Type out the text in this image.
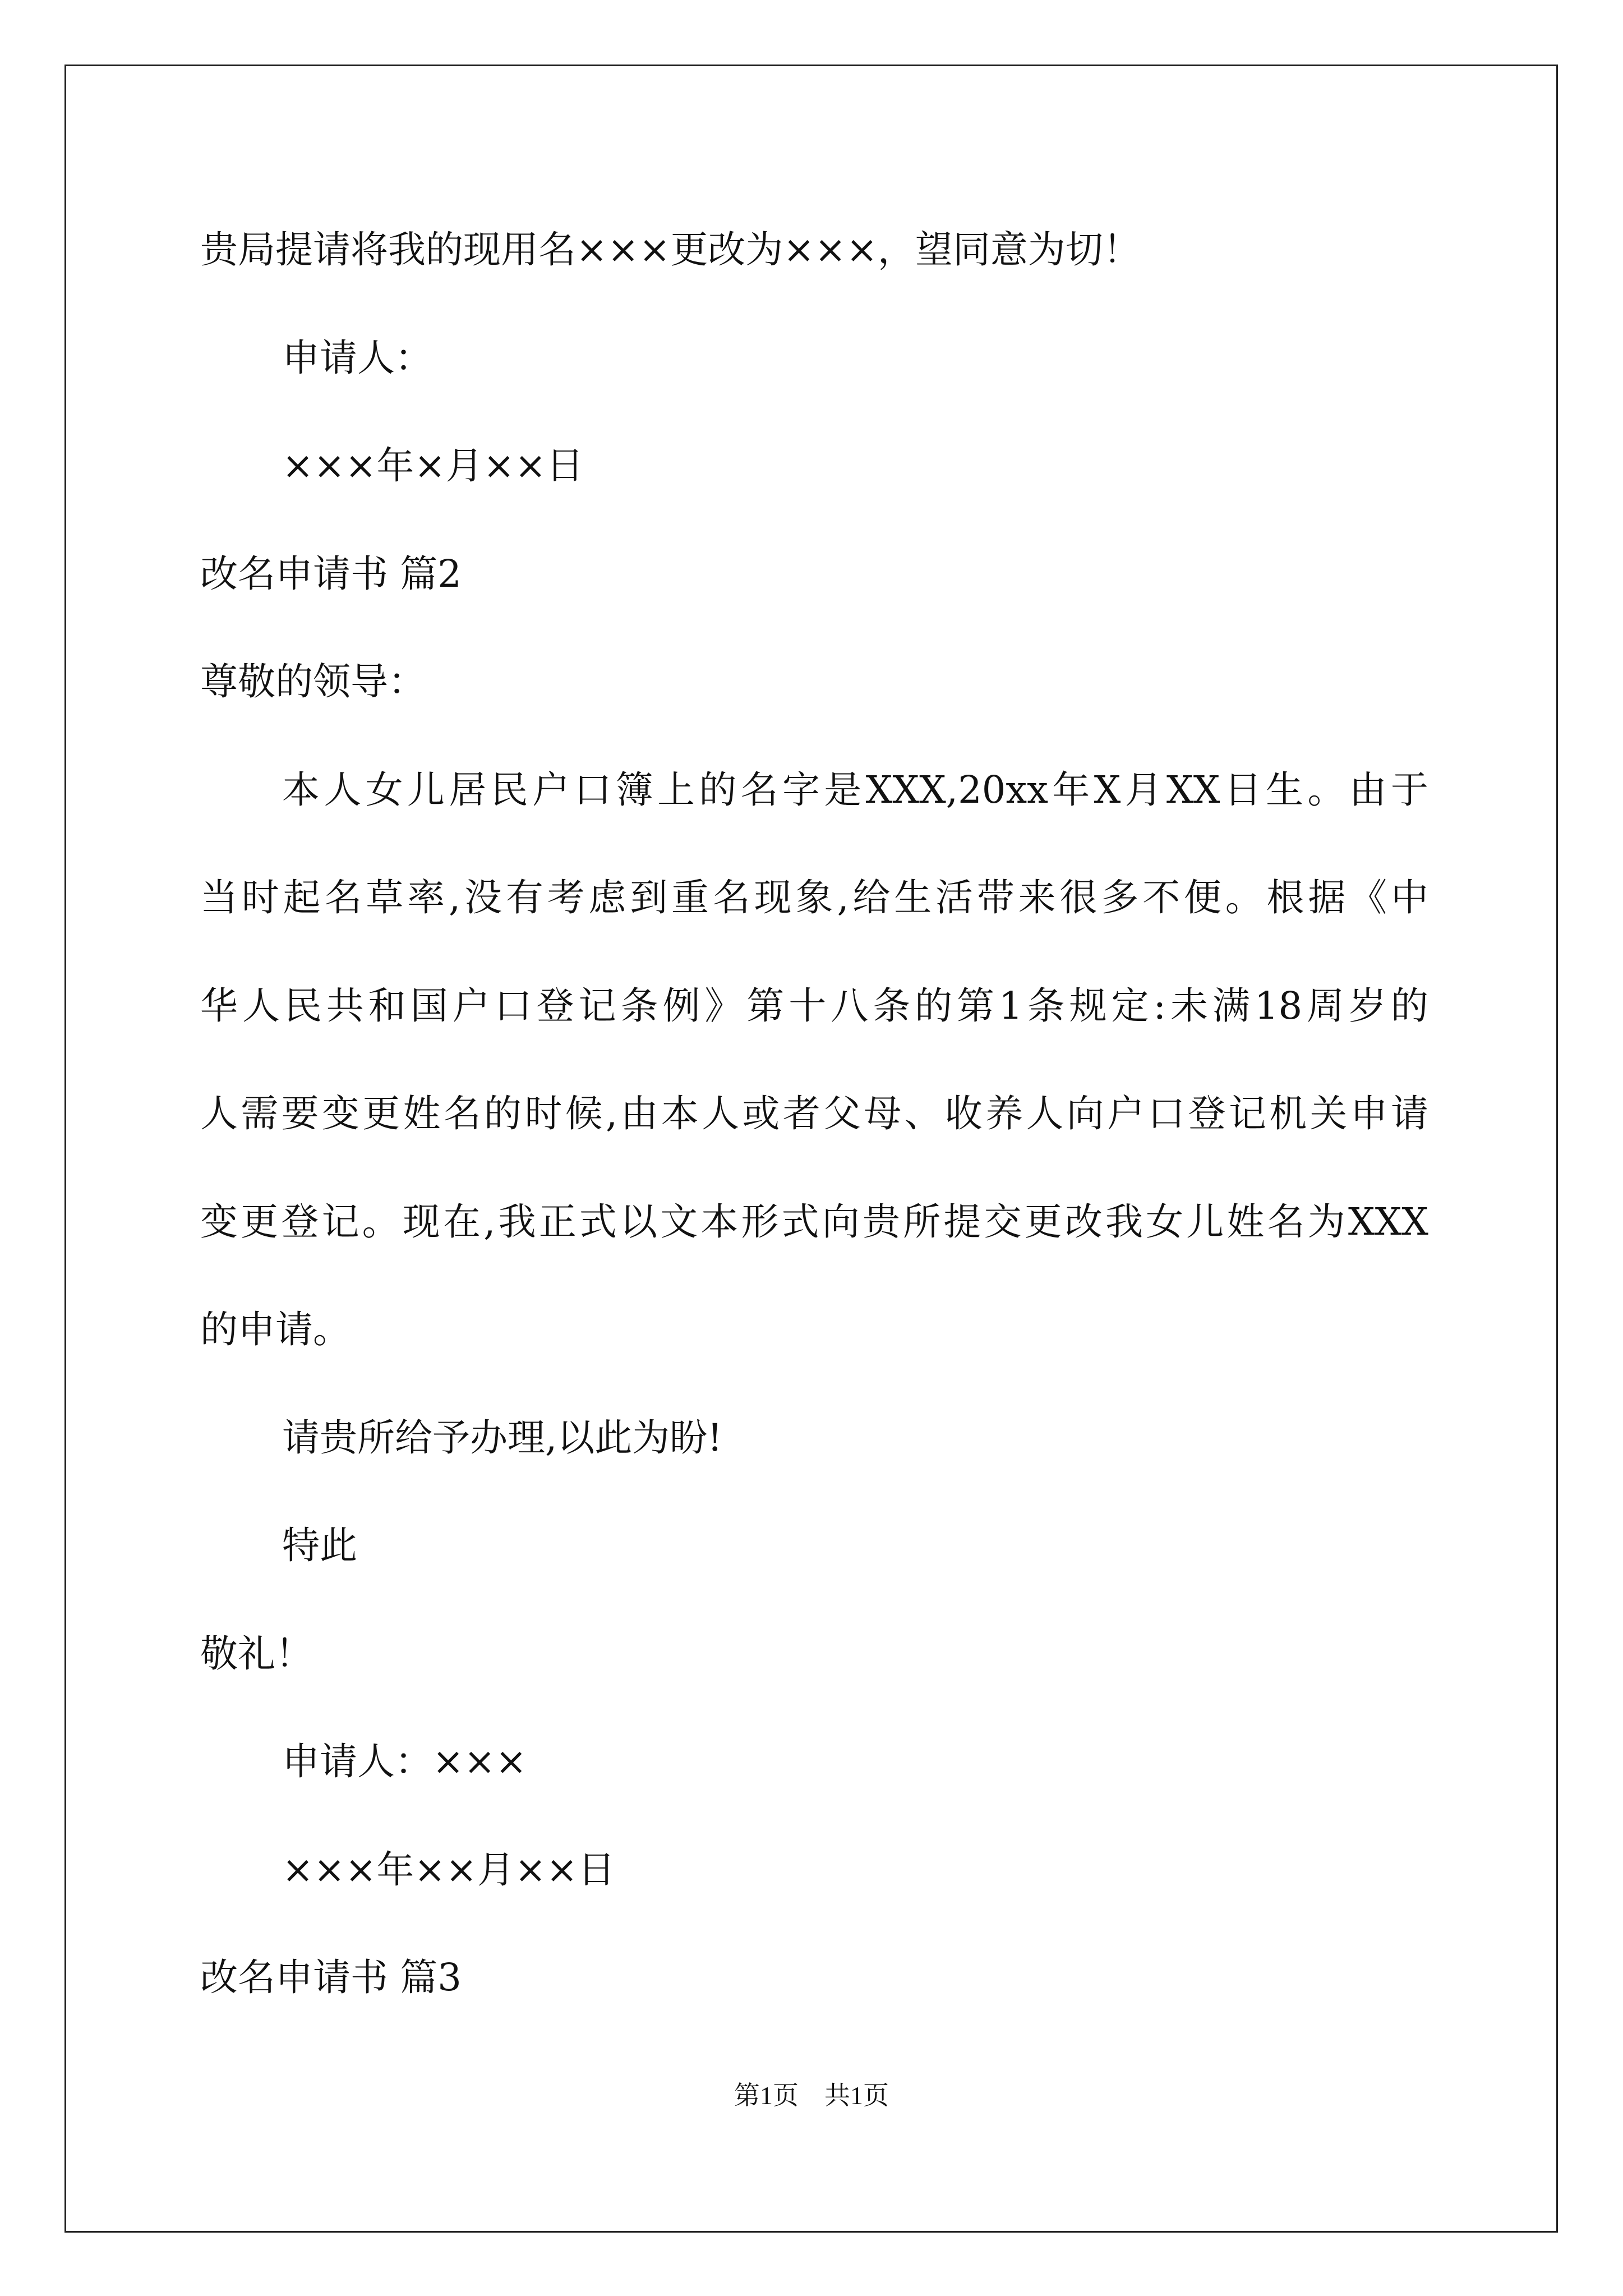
贵局提请将我的现用名×××更改为×××，望同意为切！
申请人：
×××年×月××日
改名申请书 篇2
尊敬的领导：
本人女儿居民户口簿上的名字是XXX,20xx年X月XX日生。由于
当时起名草率,没有考虑到重名现象,给生活带来很多不便。根据《中
华人民共和国户口登记条例》第十八条的第1条规定:未满18周岁的
人需要变更姓名的时候,由本人或者父母、收养人向户口登记机关申请
变更登记。现在,我正式以文本形式向贵所提交更改我女儿姓名为XXX
的申请。
请贵所给予办理,以此为盼!
特此
敬礼！
申请人：×××
×××年××月××日
改名申请书 篇3
第1页　共1页
